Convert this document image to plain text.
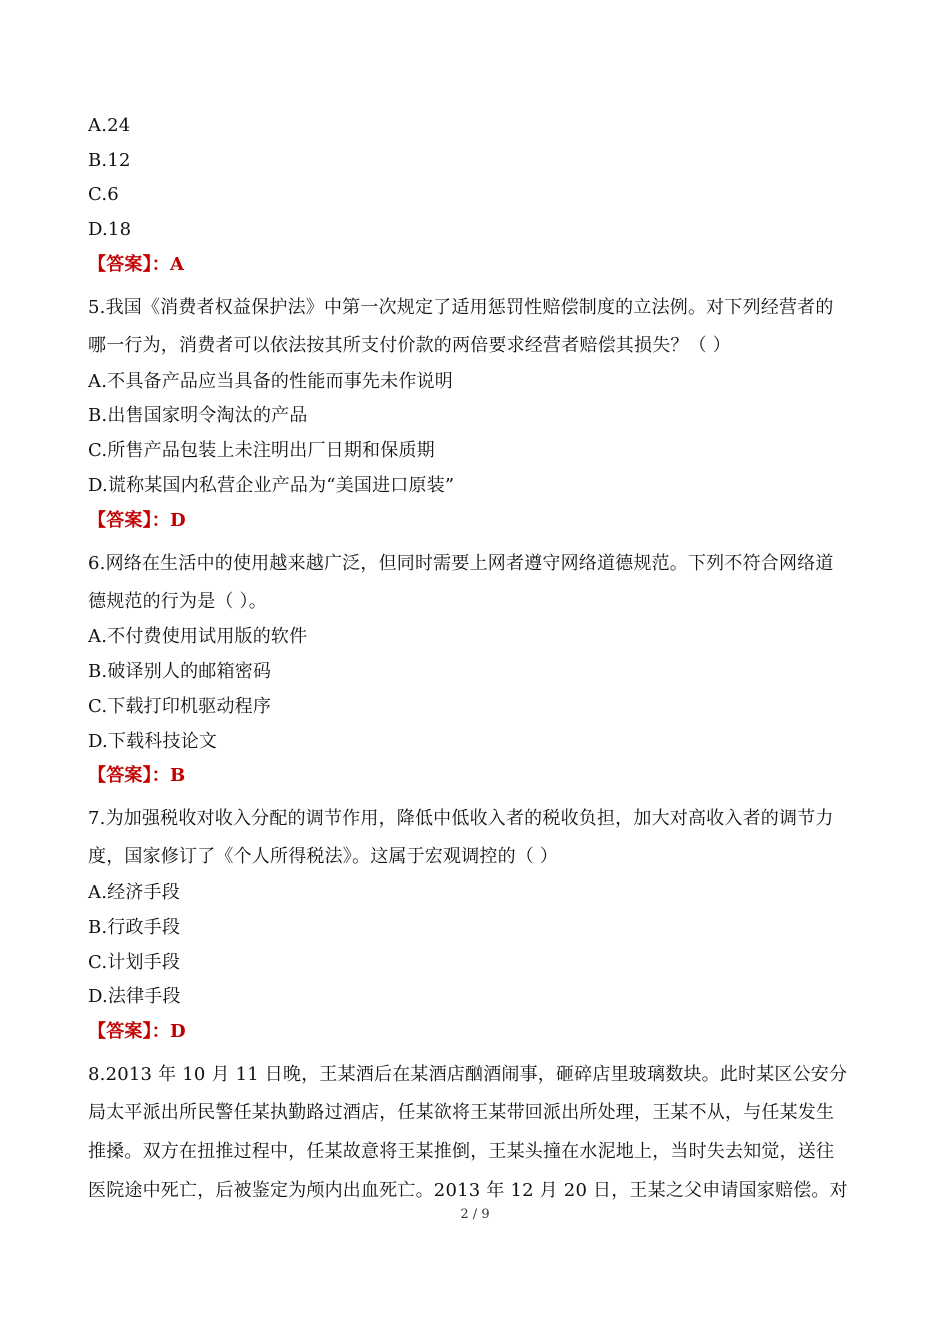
A.24
B.12
C.6
D.18
【答案】：A
5.我国《消费者权益保护法》中第一次规定了适用惩罚性赔偿制度的立法例。对下列经营者的
哪一行为，消费者可以依法按其所支付价款的两倍要求经营者赔偿其损失？（ ）
A.不具备产品应当具备的性能而事先未作说明
B.出售国家明令淘汰的产品
C.所售产品包装上未注明出厂日期和保质期
D.谎称某国内私营企业产品为“美国进口原装”
【答案】：D
6.网络在生活中的使用越来越广泛，但同时需要上网者遵守网络道德规范。下列不符合网络道
德规范的行为是（ ）。
A.不付费使用试用版的软件
B.破译别人的邮箱密码
C.下载打印机驱动程序
D.下载科技论文
【答案】：B
7.为加强税收对收入分配的调节作用，降低中低收入者的税收负担，加大对高收入者的调节力
度，国家修订了《个人所得税法》。这属于宏观调控的（ ）
A.经济手段
B.行政手段
C.计划手段
D.法律手段
【答案】：D
8.2013 年 10 月 11 日晚，王某酒后在某酒店酗酒闹事，砸碎店里玻璃数块。此时某区公安分
局太平派出所民警任某执勤路过酒店，任某欲将王某带回派出所处理，王某不从，与任某发生
推搡。双方在扭推过程中，任某故意将王某推倒，王某头撞在水泥地上，当时失去知觉，送往
医院途中死亡，后被鉴定为颅内出血死亡。2013 年 12 月 20 日，王某之父申请国家赔偿。对
2 / 9
